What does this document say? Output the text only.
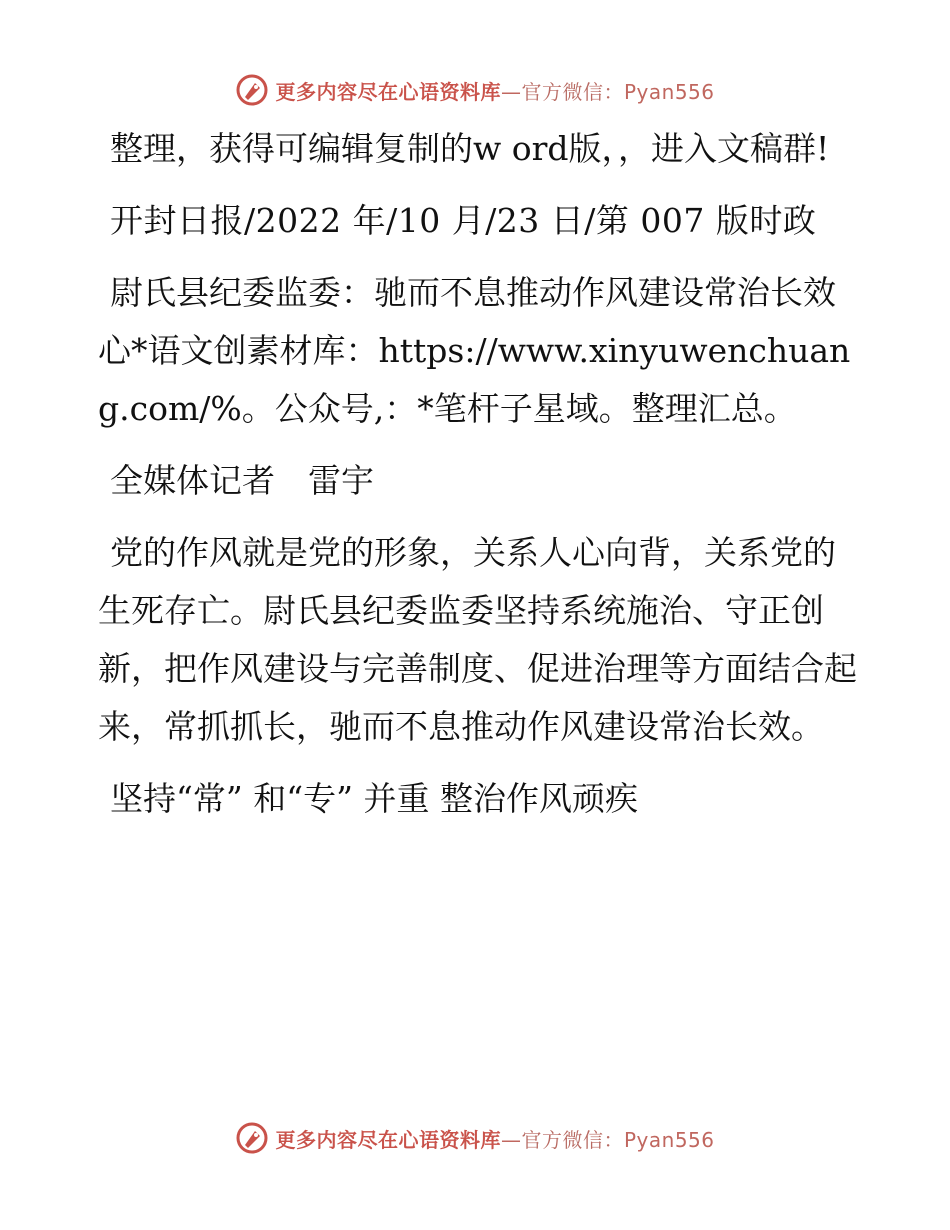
更多内容尽在心语资料库—官方微信：Pyan556

整理，获得可编辑复制的w ord版，，进入文稿群!

开封日报/2022 年/10 月/23 日/第 007 版时政

尉氏县纪委监委：驰而不息推动作风建设常治长效心*语文创素材库：https://www.xinyuwenchuang.com/%。公众号,：*笔杆子星域。整理汇总。

全媒体记者　雷宇

党的作风就是党的形象，关系人心向背，关系党的生死存亡。尉氏县纪委监委坚持系统施治、守正创新，把作风建设与完善制度、促进治理等方面结合起来，常抓抓长，驰而不息推动作风建设常治长效。

坚持“常” 和“专” 并重 整治作风顽疾

更多内容尽在心语资料库—官方微信：Pyan556
